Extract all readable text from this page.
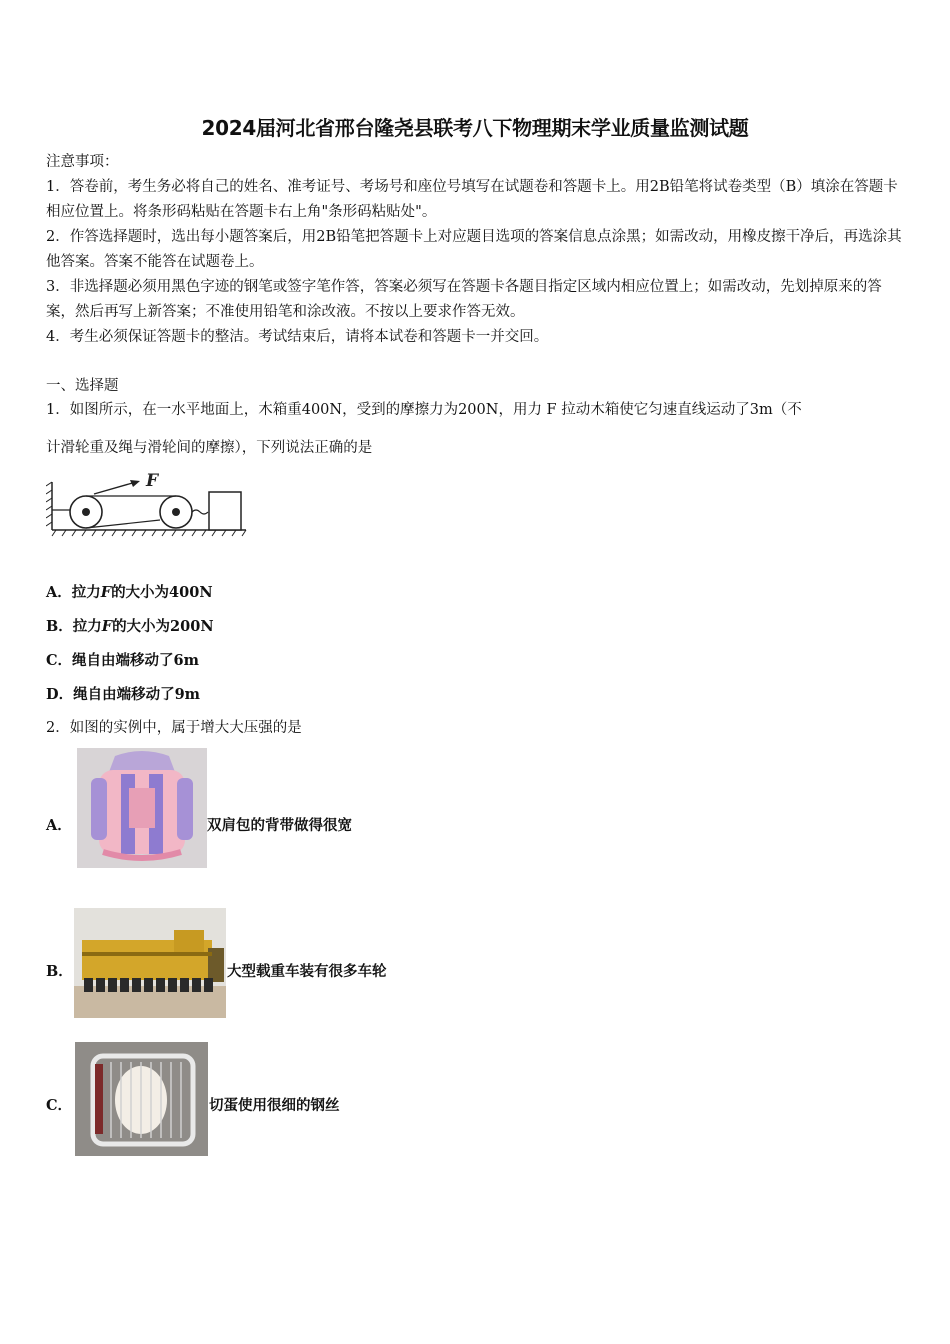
2024届河北省邢台隆尧县联考八下物理期末学业质量监测试题

注意事项：

1．答卷前，考生务必将自己的姓名、准考证号、考场号和座位号填写在试题卷和答题卡上。用2B铅笔将试卷类型（B）填涂在答题卡相应位置上。将条形码粘贴在答题卡右上角"条形码粘贴处"。

2．作答选择题时，选出每小题答案后，用2B铅笔把答题卡上对应题目选项的答案信息点涂黑；如需改动，用橡皮擦干净后，再选涂其他答案。答案不能答在试题卷上。

3．非选择题必须用黑色字迹的钢笔或签字笔作答，答案必须写在答题卡各题目指定区域内相应位置上；如需改动，先划掉原来的答案，然后再写上新答案；不准使用铅笔和涂改液。不按以上要求作答无效。

4．考生必须保证答题卡的整洁。考试结束后，请将本试卷和答题卡一并交回。

一、选择题
1．如图所示，在一水平地面上，木箱重400N，受到的摩擦力为200N，用力 F 拉动木箱使它匀速直线运动了3m（不
计滑轮重及绳与滑轮间的摩擦），下列说法正确的是
F
A．拉力F的大小为400N
B．拉力F的大小为200N
C．绳自由端移动了6m
D．绳自由端移动了9m
2．如图的实例中，属于增大大压强的是
A．	双肩包的背带做得很宽
B．	大型载重车装有很多车轮
C．	切蛋使用很细的钢丝
